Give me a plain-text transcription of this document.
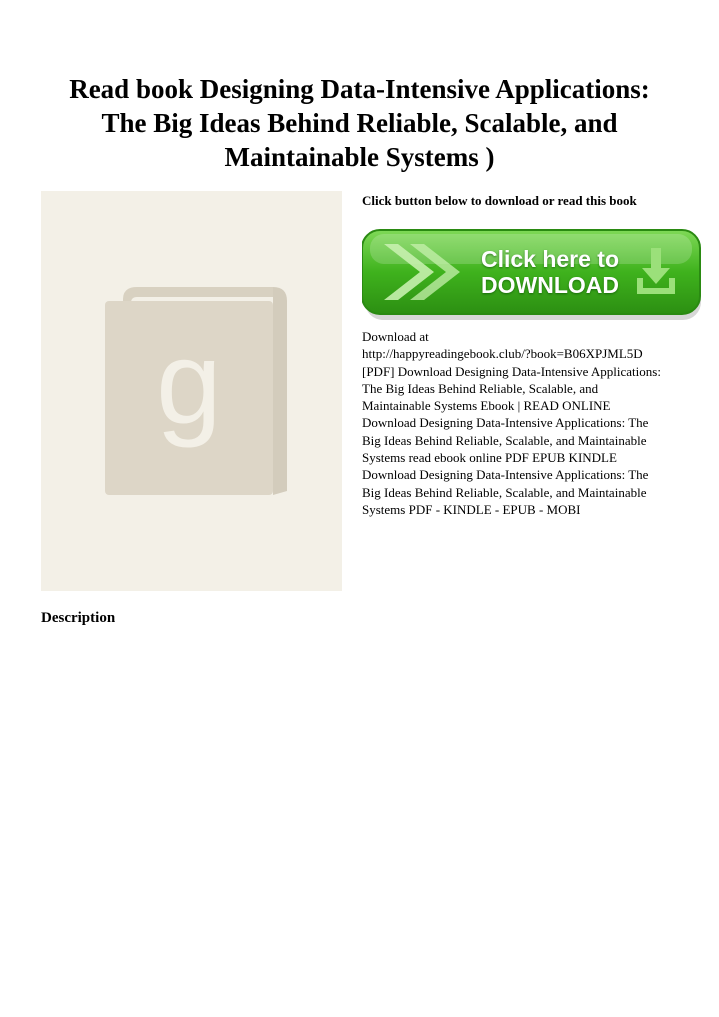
Read book Designing Data-Intensive Applications:
The Big Ideas Behind Reliable, Scalable, and
Maintainable Systems )
g

Click button below to download or read this book

Click here to
DOWNLOAD

Download at
http://happyreadingebook.club/?book=B06XPJML5D
[PDF] Download Designing Data-Intensive Applications:
The Big Ideas Behind Reliable, Scalable, and
Maintainable Systems Ebook | READ ONLINE
Download Designing Data-Intensive Applications: The
Big Ideas Behind Reliable, Scalable, and Maintainable
Systems read ebook online PDF EPUB KINDLE
Download Designing Data-Intensive Applications: The
Big Ideas Behind Reliable, Scalable, and Maintainable
Systems PDF - KINDLE - EPUB - MOBI

Description
